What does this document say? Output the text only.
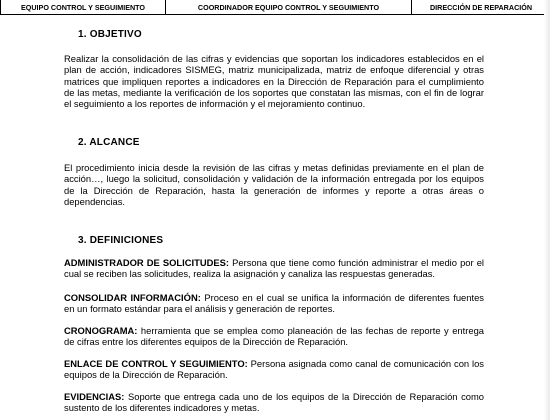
EQUIPO CONTROL Y SEGUIMIENTO	COORDINADOR EQUIPO CONTROL Y SEGUIMIENTO	DIRECCIÓN DE REPARACIÓN
1. OBJETIVO

Realizar la consolidación de las cifras y evidencias que soportan los indicadores establecidos en el plan de acción, indicadores SISMEG, matriz municipalizada, matriz de enfoque diferencial y otras matrices que impliquen reportes a indicadores en la Dirección de Reparación para el cumplimiento de las metas, mediante la verificación de los soportes que constatan las mismas, con el fin de lograr el seguimiento a los reportes de información y el mejoramiento continuo.

2. ALCANCE

El procedimiento inicia desde la revisión de las cifras y metas definidas previamente en el plan de acción…, luego la solicitud, consolidación y validación de la información entregada por los equipos de la Dirección de Reparación, hasta la generación de informes y reporte a otras áreas o dependencias.

3. DEFINICIONES

ADMINISTRADOR DE SOLICITUDES: Persona que tiene como función administrar el medio por el cual se reciben las solicitudes, realiza la asignación y canaliza las respuestas generadas.

CONSOLIDAR INFORMACIÓN: Proceso en el cual se unifica la información de diferentes fuentes en un formato estándar para el análisis y generación de reportes.

CRONOGRAMA: herramienta que se emplea como planeación de las fechas de reporte y entrega de cifras entre los diferentes equipos de la Dirección de Reparación.

ENLACE DE CONTROL Y SEGUIMIENTO: Persona asignada como canal de comunicación con los equipos de la Dirección de Reparación.

EVIDENCIAS: Soporte que entrega cada uno de los equipos de la Dirección de Reparación como sustento de los diferentes indicadores y metas.
